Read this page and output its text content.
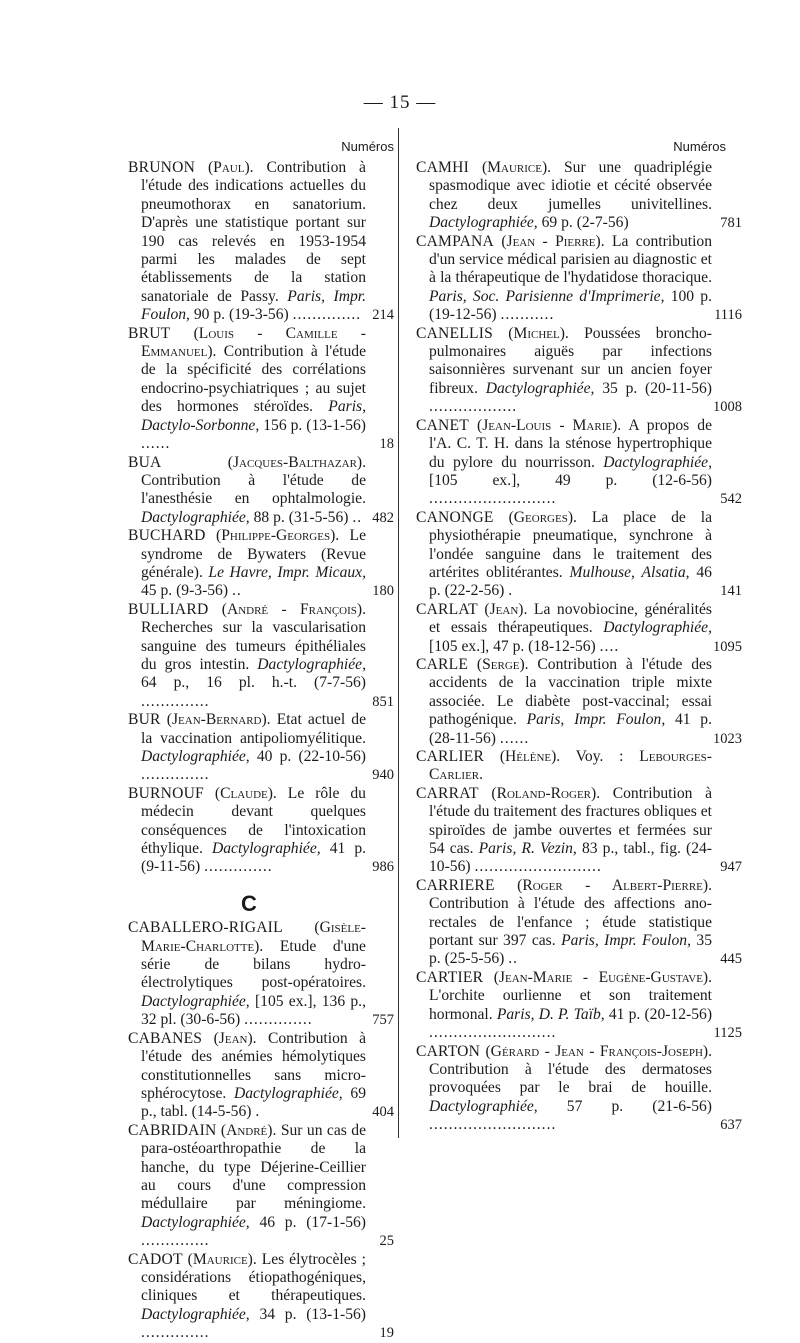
— 15 —
Numéros
BRUNON (Paul). Contribution à l'étude des indications actuelles du pneumothorax en sanatorium. D'après une statistique portant sur 190 cas relevés en 1953-1954 parmi les malades de sept établissements de la station sanatoriale de Passy. Paris, Impr. Foulon, 90 p. (19-3-56) .............. 214
BRUT (Louis - Camille - Emmanuel). Contribution à l'étude de la spécificité des corrélations endocrino-psychiatriques ; au sujet des hormones stéroïdes. Paris, Dactylo-Sorbonne, 156 p. (13-1-56) ......	18
BUA	(Jacques-Balthazar). Contribution à l'étude de l'anesthésie en ophtalmologie. Dactylographiée, 88 p. (31-5-56) .. 482
BUCHARD (Philippe-Georges). Le syndrome de Bywaters (Revue générale). Le Havre, Impr. Micaux, 45 p. (9-3-56) ..	180
BULLIARD (André - François). Recherches sur la vascularisation sanguine des tumeurs épithéliales du gros intestin. Dactylographiée, 64 p., 16 pl. h.-t. (7-7-56) ..............	851
BUR (Jean-Bernard). Etat actuel de la vaccination antipoliomyélitique. Dactylographiée, 40 p. (22-10-56) ..............	940
BURNOUF (Claude). Le rôle du médecin devant quelques conséquences de l'intoxication éthylique. Dactylographiée, 41 p. (9-11-56) ..............	986
C
CABALLERO-RIGAIL (Gisèle-Marie-Charlotte). Etude d'une série de bilans hydro-électrolytiques post-opératoires. Dactylographiée, [105 ex.], 136 p., 32 pl. (30-6-56) ..............	757
CABANES (Jean). Contribution à l'étude des anémies hémolytiques constitutionnelles sans micro-sphérocytose. Dactylographiée, 69 p., tabl. (14-5-56) .	404
CABRIDAIN (André). Sur un cas de para-ostéoarthropathie de la hanche, du type Déjerine-Ceillier au cours d'une compression médullaire par méningiome. Dactylographiée, 46 p. (17-1-56) ..............	25
CADOT (Maurice). Les élytrocèles ; considérations étiopathogéniques, cliniques et thérapeutiques. Dactylographiée, 34 p. (13-1-56) ..............	19
Numéros
CAMHI (Maurice). Sur une quadriplégie spasmodique avec idiotie et cécité observée chez deux jumelles univitellines. Dactylographiée, 69 p. (2-7-56)	781
CAMPANA (Jean - Pierre). La contribution d'un service médical parisien au diagnostic et à la thérapeutique de l'hydatidose thoracique. Paris, Soc. Parisienne d'Imprimerie, 100 p. (19-12-56) ...........	1116
CANELLIS (Michel). Poussées broncho-pulmonaires aiguës par infections saisonnières survenant sur un ancien foyer fibreux. Dactylographiée, 35 p. (20-11-56) ..................	1008
CANET (Jean-Louis - Marie). A propos de l'A. C. T. H. dans la sténose hypertrophique du pylore du nourrisson. Dactylographiée, [105 ex.], 49 p. (12-6-56) ..........................	542
CANONGE (Georges). La place de la physiothérapie pneumatique, synchrone à l'ondée sanguine dans le traitement des artérites oblitérantes. Mulhouse, Alsatia, 46 p. (22-2-56) .	141
CARLAT (Jean). La novobiocine, généralités et essais thérapeutiques. Dactylographiée, [105 ex.], 47 p. (18-12-56) ....	1095
CARLE (Serge). Contribution à l'étude des accidents de la vaccination triple mixte associée. Le diabète post-vaccinal; essai pathogénique. Paris, Impr. Foulon, 41 p. (28-11-56) ......	1023
CARLIER (Hélène). Voy. : Lebourges-Carlier.
CARRAT (Roland-Roger). Contribution à l'étude du traitement des fractures obliques et spiroïdes de jambe ouvertes et fermées sur 54 cas. Paris, R. Vezin, 83 p., tabl., fig. (24-10-56) ..........................	947
CARRIERE (Roger - Albert-Pierre). Contribution à l'étude des affections ano-rectales de l'enfance ; étude statistique portant sur 397 cas. Paris, Impr. Foulon, 35 p. (25-5-56) ..	445
CARTIER (Jean-Marie - Eugène-Gustave). L'orchite ourlienne et son traitement hormonal. Paris, D. P. Taïb, 41 p. (20-12-56) ..........................	1125
CARTON (Gérard - Jean - François-Joseph). Contribution à l'étude des dermatoses provoquées par le brai de houille. Dactylographiée, 57 p. (21-6-56) ..........................	637
